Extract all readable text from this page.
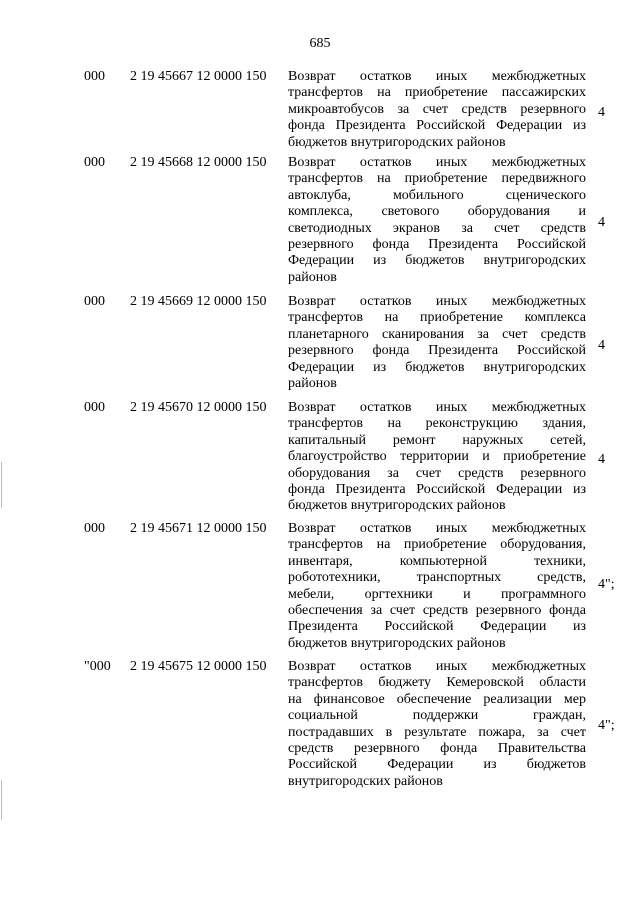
685
000 2 19 45667 12 0000 150 Возврат остатков иных межбюджетных
трансфертов на приобретение пассажирских
микроавтобусов за счет средств резервного
фонда Президента Российской Федерации из
бюджетов внутригородских районов
4
000 2 19 45668 12 0000 150 Возврат остатков иных межбюджетных
трансфертов на приобретение передвижного
автоклуба, мобильного сценического
комплекса, светового оборудования и
светодиодных экранов за счет средств
резервного фонда Президента Российской
Федерации из бюджетов внутригородских
районов
4
000 2 19 45669 12 0000 150 Возврат остатков иных межбюджетных
трансфертов на приобретение комплекса
планетарного сканирования за счет средств
резервного фонда Президента Российской
Федерации из бюджетов внутригородских
районов
4
000 2 19 45670 12 0000 150 Возврат остатков иных межбюджетных
трансфертов на реконструкцию здания,
капитальный ремонт наружных сетей,
благоустройство территории и приобретение
оборудования за счет средств резервного
фонда Президента Российской Федерации из
бюджетов внутригородских районов
4
000 2 19 45671 12 0000 150 Возврат остатков иных межбюджетных
трансфертов на приобретение оборудования,
инвентаря, компьютерной техники,
робототехники, транспортных средств,
мебели, оргтехники и программного
обеспечения за счет средств резервного фонда
Президента Российской Федерации из
бюджетов внутригородских районов
4";
"000 2 19 45675 12 0000 150 Возврат остатков иных межбюджетных
трансфертов бюджету Кемеровской области
на финансовое обеспечение реализации мер
социальной поддержки граждан,
пострадавших в результате пожара, за счет
средств резервного фонда Правительства
Российской Федерации из бюджетов
внутригородских районов
4";
